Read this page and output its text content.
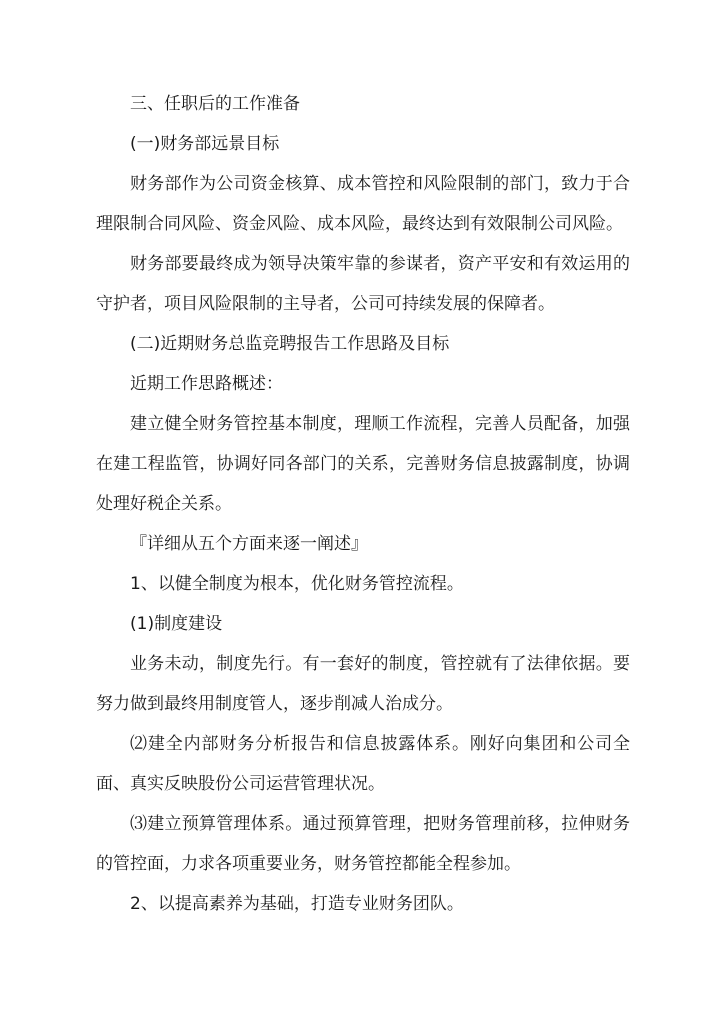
三、任职后的工作准备

(一)财务部远景目标

财务部作为公司资金核算、成本管控和风险限制的部门，致力于合理限制合同风险、资金风险、成本风险，最终达到有效限制公司风险。

财务部要最终成为领导决策牢靠的参谋者，资产平安和有效运用的守护者，项目风险限制的主导者，公司可持续发展的保障者。

(二)近期财务总监竞聘报告工作思路及目标

近期工作思路概述：

建立健全财务管控基本制度，理顺工作流程，完善人员配备，加强在建工程监管，协调好同各部门的关系，完善财务信息披露制度，协调处理好税企关系。

『详细从五个方面来逐一阐述』

1、以健全制度为根本，优化财务管控流程。

(1)制度建设

业务未动，制度先行。有一套好的制度，管控就有了法律依据。要努力做到最终用制度管人，逐步削减人治成分。

⑵建全内部财务分析报告和信息披露体系。刚好向集团和公司全面、真实反映股份公司运营管理状况。

⑶建立预算管理体系。通过预算管理，把财务管理前移，拉伸财务的管控面，力求各项重要业务，财务管控都能全程参加。

2、以提高素养为基础，打造专业财务团队。
